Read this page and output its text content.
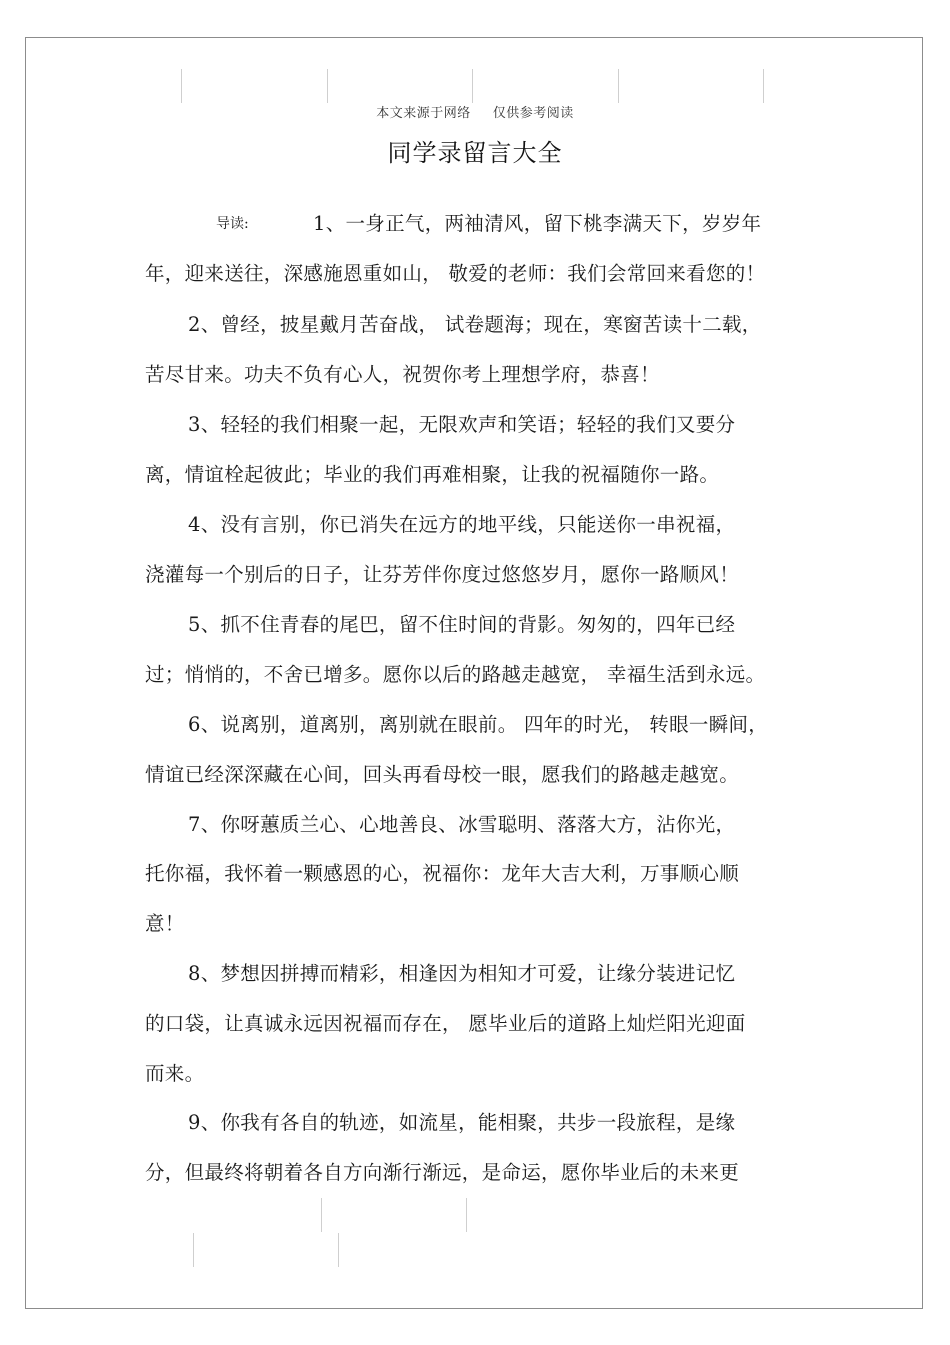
本文来源于网络 仅供参考阅读
同学录留言大全
导读:	1、一身正气，两袖清风，留下桃李满天下，岁岁年
年，迎来送往，深感施恩重如山， 敬爱的老师：我们会常回来看您的！
2、曾经，披星戴月苦奋战， 试卷题海；现在，寒窗苦读十二载，
苦尽甘来。功夫不负有心人，祝贺你考上理想学府，恭喜！
3、轻轻的我们相聚一起，无限欢声和笑语；轻轻的我们又要分
离，情谊栓起彼此；毕业的我们再难相聚，让我的祝福随你一路。
4、没有言别，你已消失在远方的地平线，只能送你一串祝福，
浇灌每一个别后的日子，让芬芳伴你度过悠悠岁月，愿你一路顺风！
5、抓不住青春的尾巴，留不住时间的背影。匆匆的，四年已经
过；悄悄的，不舍已增多。愿你以后的路越走越宽， 幸福生活到永远。
6、说离别，道离别，离别就在眼前。 四年的时光， 转眼一瞬间，
情谊已经深深藏在心间，回头再看母校一眼，愿我们的路越走越宽。
7、你呀蕙质兰心、心地善良、冰雪聪明、落落大方，沾你光，
托你福，我怀着一颗感恩的心，祝福你：龙年大吉大利，万事顺心顺
意！
8、梦想因拼搏而精彩，相逢因为相知才可爱，让缘分装进记忆
的口袋，让真诚永远因祝福而存在， 愿毕业后的道路上灿烂阳光迎面
而来。
9、你我有各自的轨迹，如流星，能相聚，共步一段旅程，是缘
分，但最终将朝着各自方向渐行渐远，是命运，愿你毕业后的未来更
